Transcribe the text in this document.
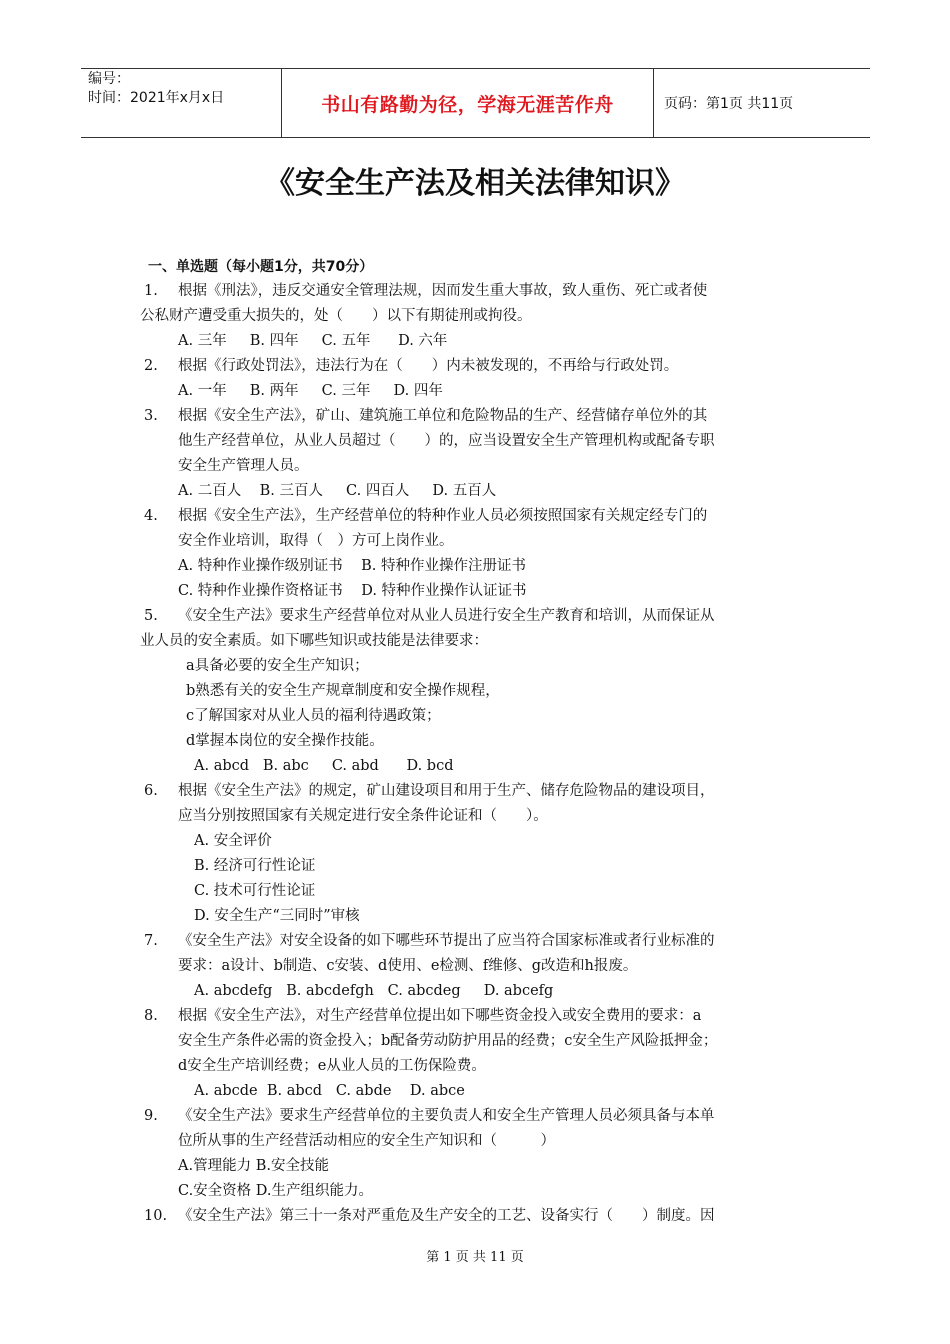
编号：
时间：2021年x月x日	书山有路勤为径，学海无涯苦作舟	页码：第1页 共11页
《安全生产法及相关法律知识》
一、单选题（每小题1分，共70分）
1.	根据《刑法》，违反交通安全管理法规，因而发生重大事故，致人重伤、死亡或者使
公私财产遭受重大损失的，处（　　）以下有期徒刑或拘役。
A. 三年     B. 四年     C. 五年      D. 六年
2.	根据《行政处罚法》，违法行为在（　　）内未被发现的，不再给与行政处罚。
A. 一年     B. 两年     C. 三年     D. 四年
3.	根据《安全生产法》，矿山、建筑施工单位和危险物品的生产、经营储存单位外的其
他生产经营单位，从业人员超过（　　）的，应当设置安全生产管理机构或配备专职
安全生产管理人员。
A. 二百人    B. 三百人     C. 四百人     D. 五百人
4.	根据《安全生产法》，生产经营单位的特种作业人员必须按照国家有关规定经专门的
安全作业培训，取得（　）方可上岗作业。
A. 特种作业操作级别证书    B. 特种作业操作注册证书
C. 特种作业操作资格证书    D. 特种作业操作认证证书
5.	《安全生产法》要求生产经营单位对从业人员进行安全生产教育和培训，从而保证从
业人员的安全素质。如下哪些知识或技能是法律要求：
a具备必要的安全生产知识；
b熟悉有关的安全生产规章制度和安全操作规程，
c了解国家对从业人员的福利待遇政策；
d掌握本岗位的安全操作技能。
A. abcd   B. abc     C. abd      D. bcd
6.	根据《安全生产法》的规定，矿山建设项目和用于生产、储存危险物品的建设项目，
应当分别按照国家有关规定进行安全条件论证和（　　）。
A. 安全评价
B. 经济可行性论证
C. 技术可行性论证
D. 安全生产“三同时”审核
7.	《安全生产法》对安全设备的如下哪些环节提出了应当符合国家标准或者行业标准的
要求：a设计、b制造、c安装、d使用、e检测、f维修、g改造和h报废。
A. abcdefg   B. abcdefgh   C. abcdeg     D. abcefg
8.	根据《安全生产法》，对生产经营单位提出如下哪些资金投入或安全费用的要求：a
安全生产条件必需的资金投入；b配备劳动防护用品的经费；c安全生产风险抵押金；
d安全生产培训经费；e从业人员的工伤保险费。
A. abcde  B. abcd   C. abde    D. abce
9.	《安全生产法》要求生产经营单位的主要负责人和安全生产管理人员必须具备与本单
位所从事的生产经营活动相应的安全生产知识和（　　　）
A.管理能力 B.安全技能
C.安全资格 D.生产组织能力。
10. 《安全生产法》第三十一条对严重危及生产安全的工艺、设备实行（　　）制度。因
第 1 页 共 11 页
